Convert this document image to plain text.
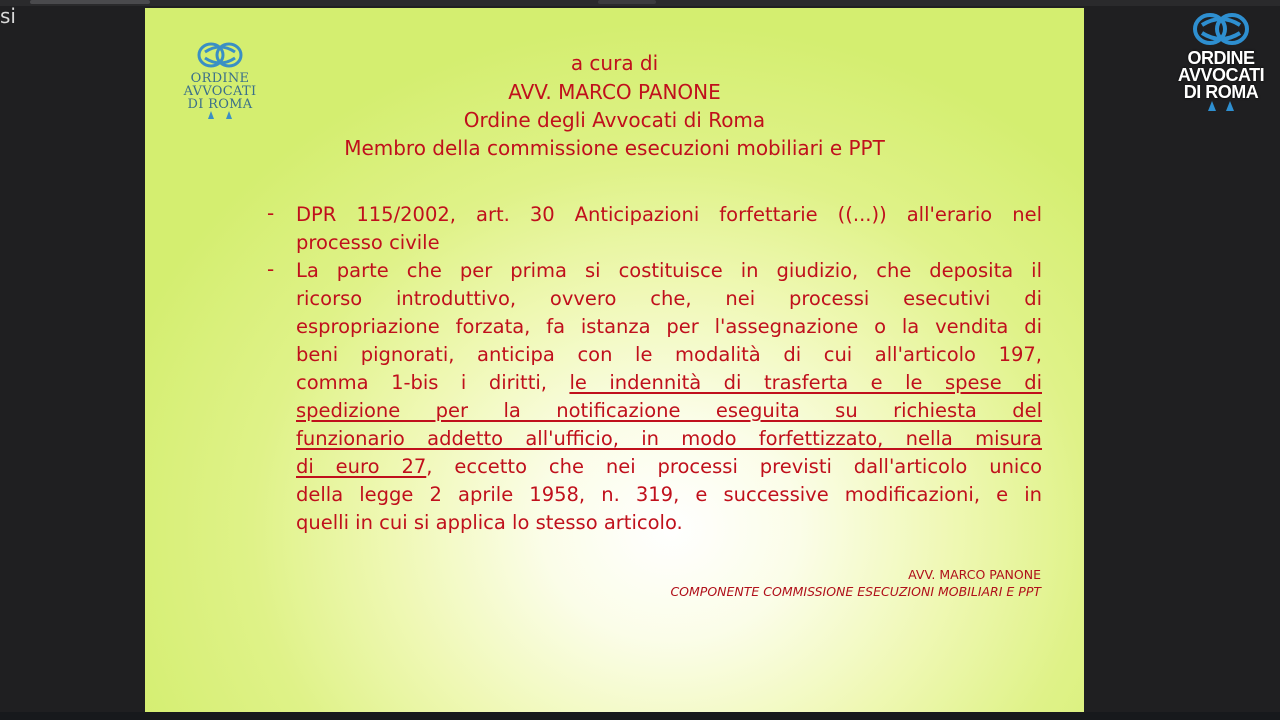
si
ORDINE
AVVOCATI
DI ROMA
a cura di
AVV. MARCO PANONE
Ordine degli Avvocati di Roma
Membro della commissione esecuzioni mobiliari e PPT
- DPR 115/2002, art. 30 Anticipazioni forfettarie ((...)) all'erario nel
processo civile
- La parte che per prima si costituisce in giudizio, che deposita il
ricorso introduttivo, ovvero che, nei processi esecutivi di
espropriazione forzata, fa istanza per l'assegnazione o la vendita di
beni pignorati, anticipa con le modalità di cui all'articolo 197,
comma 1-bis i diritti, le indennità di trasferta e le spese di
spedizione per la notificazione eseguita su richiesta del
funzionario addetto all'ufficio, in modo forfettizzato, nella misura
di euro 27, eccetto che nei processi previsti dall'articolo unico
della legge 2 aprile 1958, n. 319, e successive modificazioni, e in
quelli in cui si applica lo stesso articolo.
AVV. MARCO PANONE
COMPONENTE COMMISSIONE ESECUZIONI MOBILIARI E PPT
ORDINE
AVVOCATI
DI ROMA
